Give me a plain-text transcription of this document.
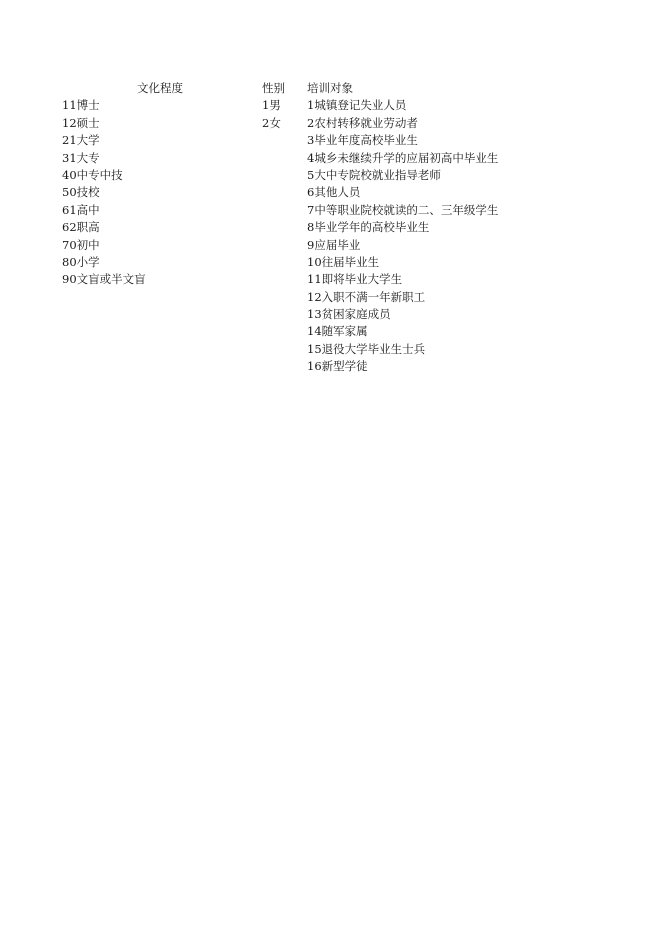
文化程度
11博士
12硕士
21大学
31大专
40中专中技
50技校
61高中
62职高
70初中
80小学
90文盲或半文盲
性别
1男
2女
培训对象
1城镇登记失业人员
2农村转移就业劳动者
3毕业年度高校毕业生
4城乡未继续升学的应届初高中毕业生
5大中专院校就业指导老师
6其他人员
7中等职业院校就读的二、三年级学生
8毕业学年的高校毕业生
9应届毕业
10往届毕业生
11即将毕业大学生
12入职不满一年新职工
13贫困家庭成员
14随军家属
15退役大学毕业生士兵
16新型学徒
